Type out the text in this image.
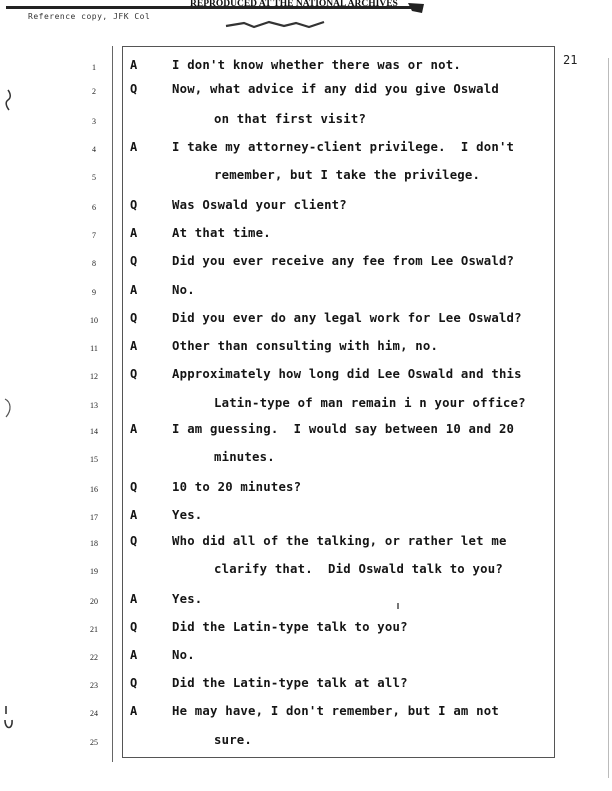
REPRODUCED AT THE NATIONAL ARCHIVES
Reference copy, JFK Col
21
1	A	I don't know whether there was or not.
2	Q	Now, what advice if any did you give Oswald
3	on that first visit?
4	A	I take my attorney-client privilege.  I don't
5	remember, but I take the privilege.
6	Q	Was Oswald your client?
7	A	At that time.
8	Q	Did you ever receive any fee from Lee Oswald?
9	A	No.
10	Q	Did you ever do any legal work for Lee Oswald?
11	A	Other than consulting with him, no.
12	Q	Approximately how long did Lee Oswald and this
13	Latin-type of man remain i n your office?
14	A	I am guessing.  I would say between 10 and 20
15	minutes.
16	Q	10 to 20 minutes?
17	A	Yes.
18	Q	Who did all of the talking, or rather let me
19	clarify that.  Did Oswald talk to you?
20	A	Yes.
21	Q	Did the Latin-type talk to you?
22	A	No.
23	Q	Did the Latin-type talk at all?
24	A	He may have, I don't remember, but I am not
25	sure.
